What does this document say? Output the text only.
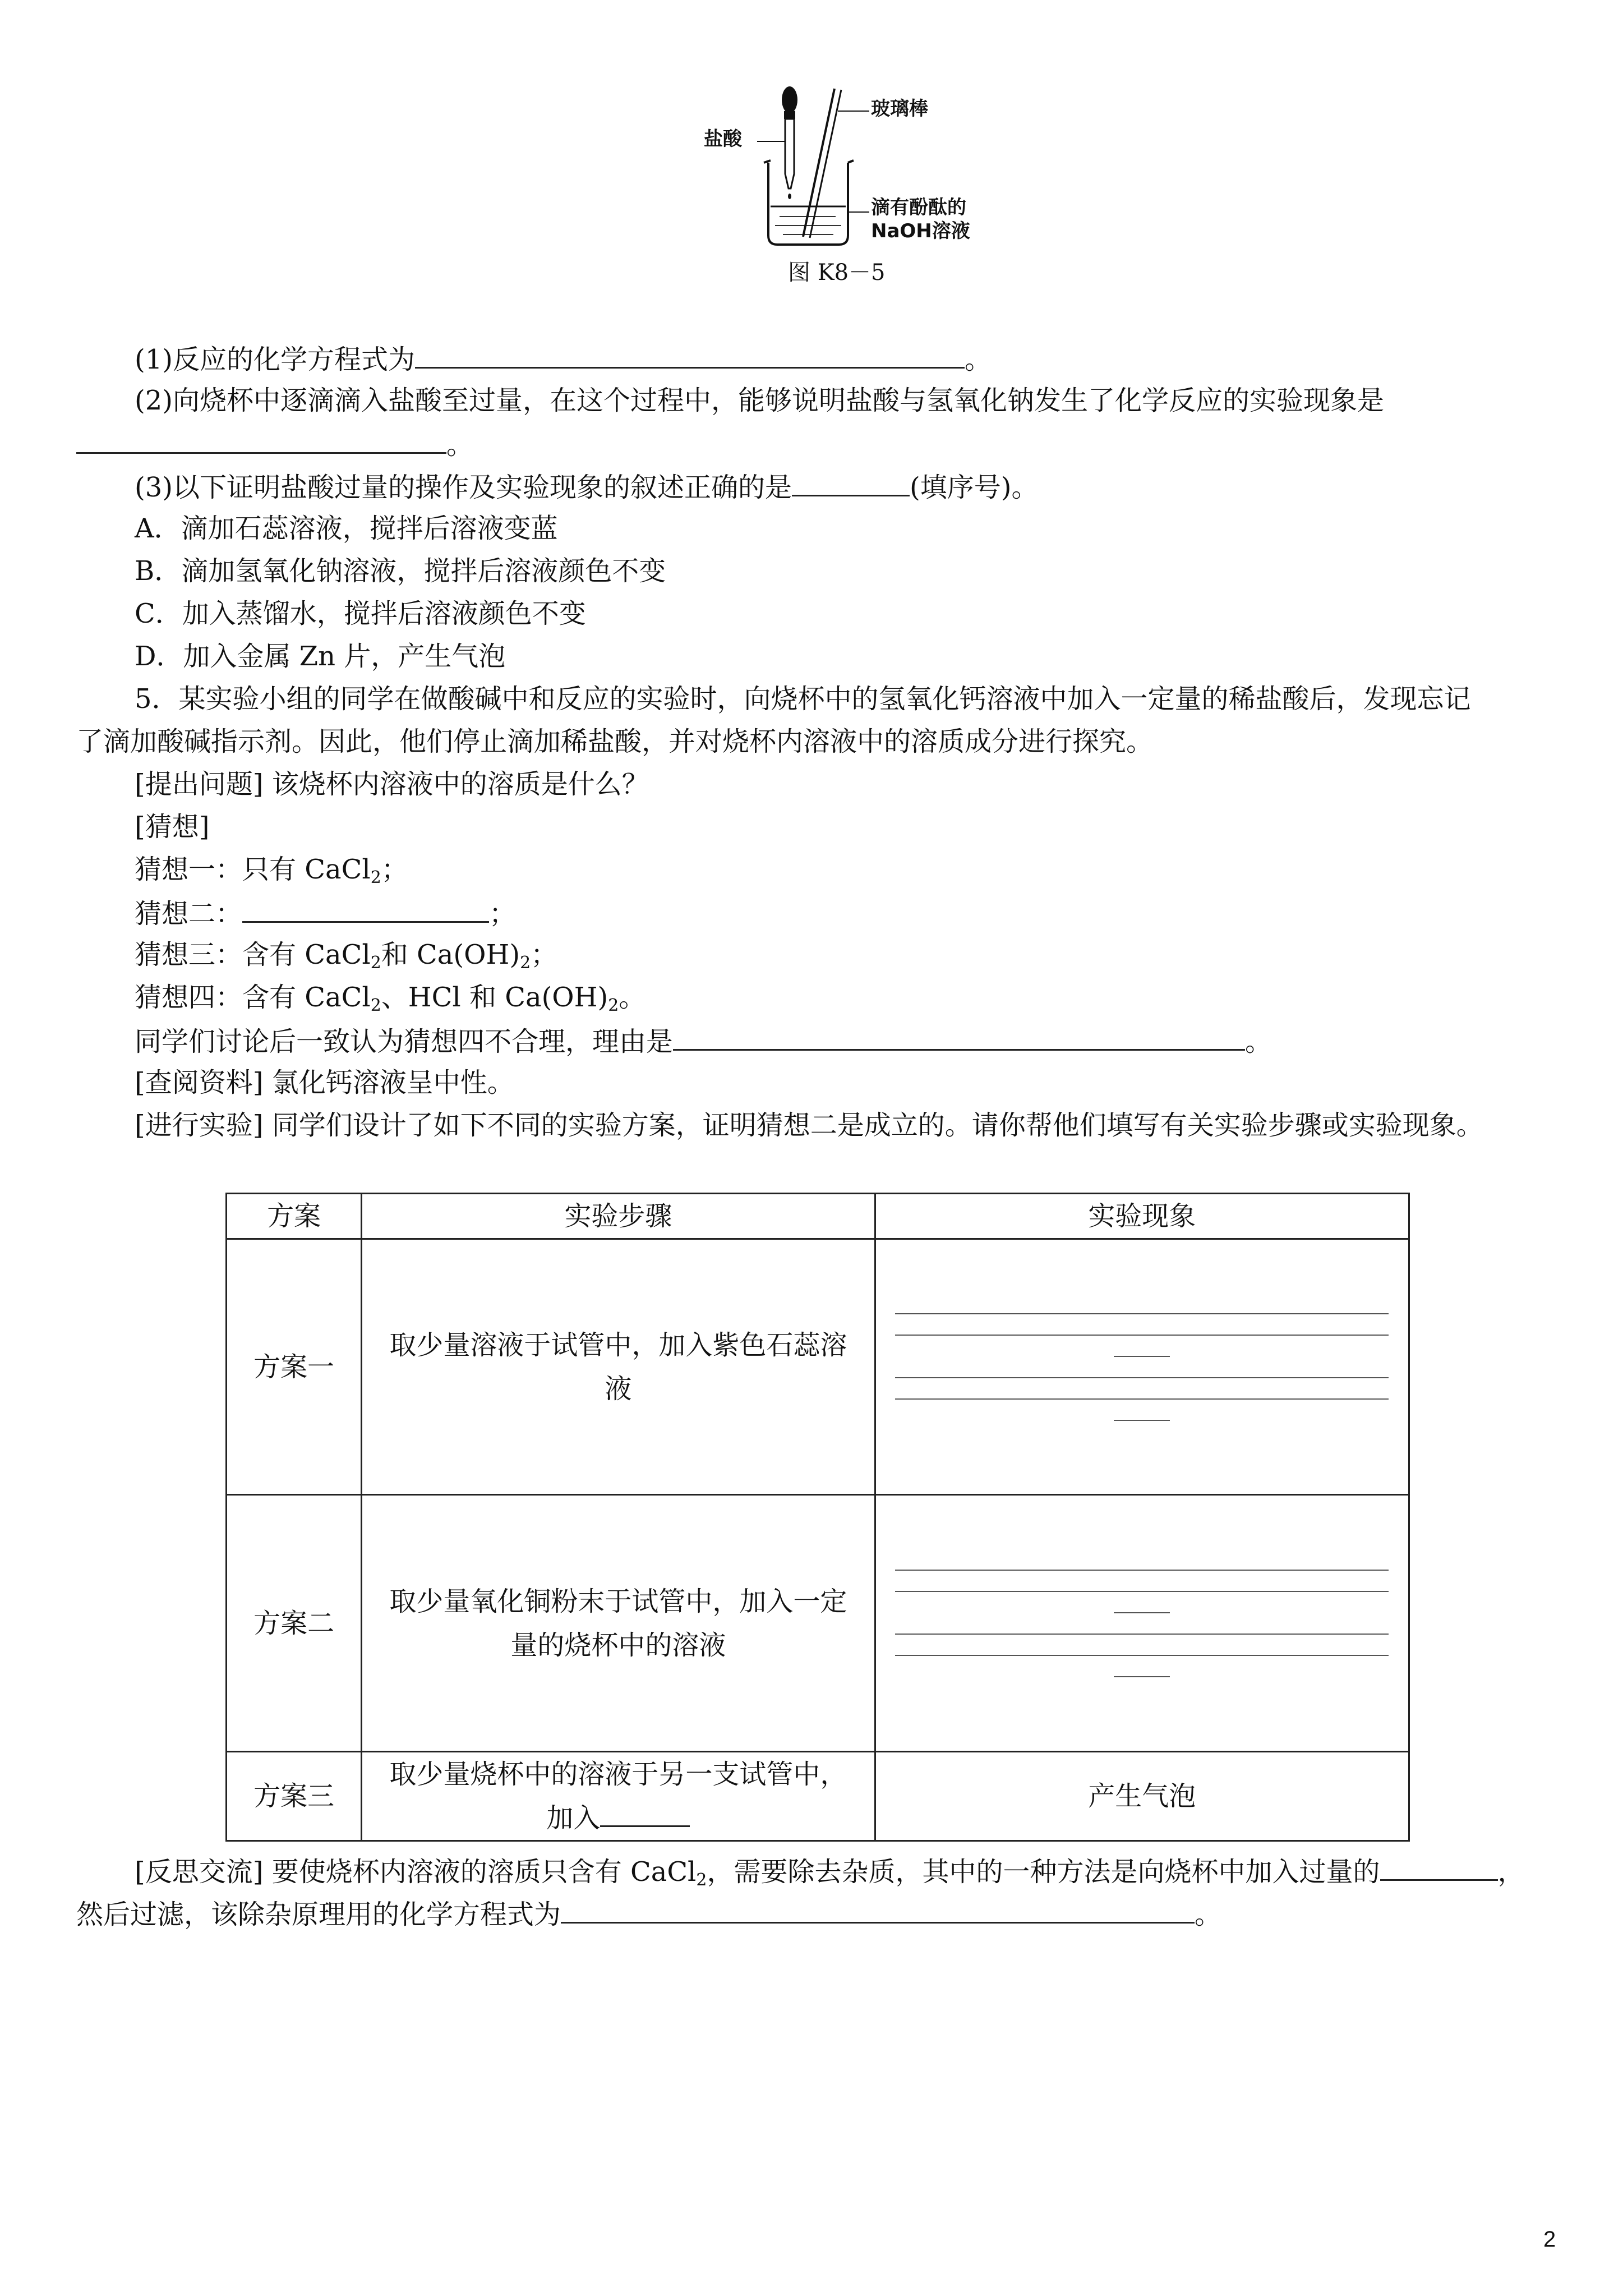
盐酸
玻璃棒
滴有酚酞的
NaOH溶液
图 K8－5
(1)反应的化学方程式为	。
(2)向烧杯中逐滴滴入盐酸至过量，在这个过程中，能够说明盐酸与氢氧化钠发生了化学反应的实验现象是
。
(3)以下证明盐酸过量的操作及实验现象的叙述正确的是	(填序号)。
A．滴加石蕊溶液，搅拌后溶液变蓝
B．滴加氢氧化钠溶液，搅拌后溶液颜色不变
C．加入蒸馏水，搅拌后溶液颜色不变
D．加入金属 Zn 片，产生气泡
5．某实验小组的同学在做酸碱中和反应的实验时，向烧杯中的氢氧化钙溶液中加入一定量的稀盐酸后，发现忘记
了滴加酸碱指示剂。因此，他们停止滴加稀盐酸，并对烧杯内溶液中的溶质成分进行探究。
[提出问题] 该烧杯内溶液中的溶质是什么？
[猜想]
猜想一：只有 CaCl$_2$；
猜想二：	；
猜想三：含有 CaCl$_2$和 $Ca(OH)_2$；
猜想四：含有 CaCl$_2$、HCl 和 $Ca(OH)_2$。
同学们讨论后一致认为猜想四不合理，理由是	。
[查阅资料] 氯化钙溶液呈中性。
[进行实验] 同学们设计了如下不同的实验方案，证明猜想二是成立的。请你帮他们填写有关实验步骤或实验现象。
方案	实验步骤	实验现象
方案一	取少量溶液于试管中，加入紫色石蕊溶液	

方案二	取少量氧化铜粉末于试管中，加入一定量的烧杯中的溶液	

方案三	取少量烧杯中的溶液于另一支试管中，加入	产生气泡
[反思交流] 要使烧杯内溶液的溶质只含有 CaCl$_2$，需要除去杂质，其中的一种方法是向烧杯中加入过量的	，
然后过滤，该除杂原理用的化学方程式为	。
2
